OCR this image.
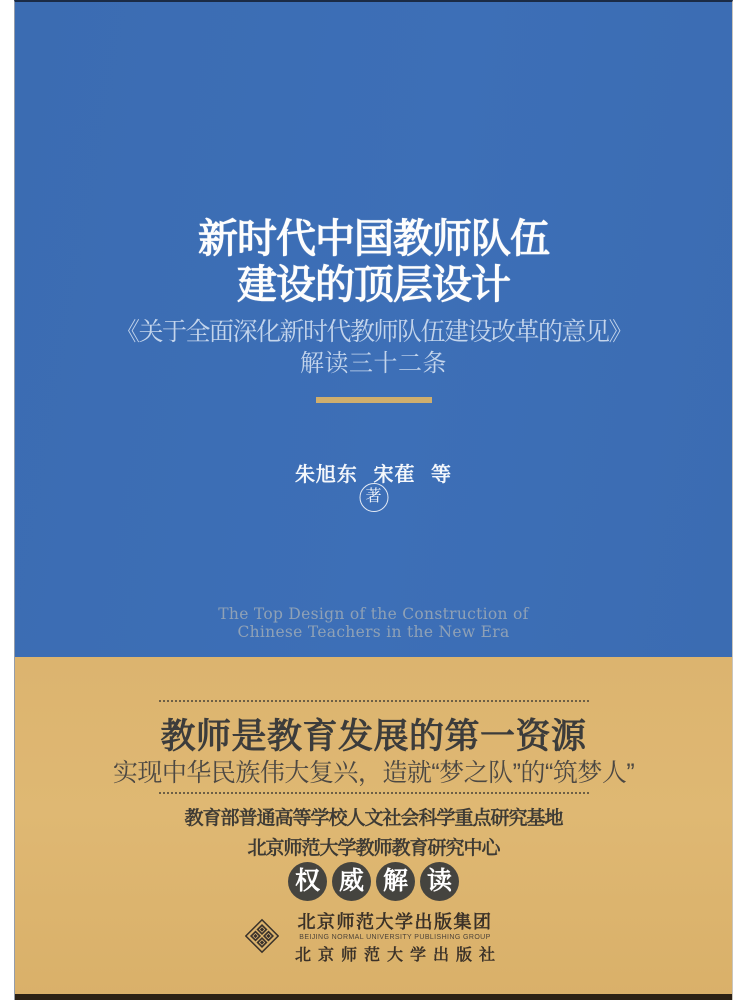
新时代中国教师队伍
建设的顶层设计
《关于全面深化新时代教师队伍建设改革的意见》
解读三十二条
朱旭东 宋萑 等
著
The Top Design of the Construction of
Chinese Teachers in the New Era
教师是教育发展的第一资源
实现中华民族伟大复兴，造就“梦之队”的“筑梦人”
教育部普通高等学校人文社会科学重点研究基地
北京师范大学教师教育研究中心
权 威 解 读
北京师范大学出版集团
BEIJING NORMAL UNIVERSITY PUBLISHING GROUP
北京师范大学出版社
